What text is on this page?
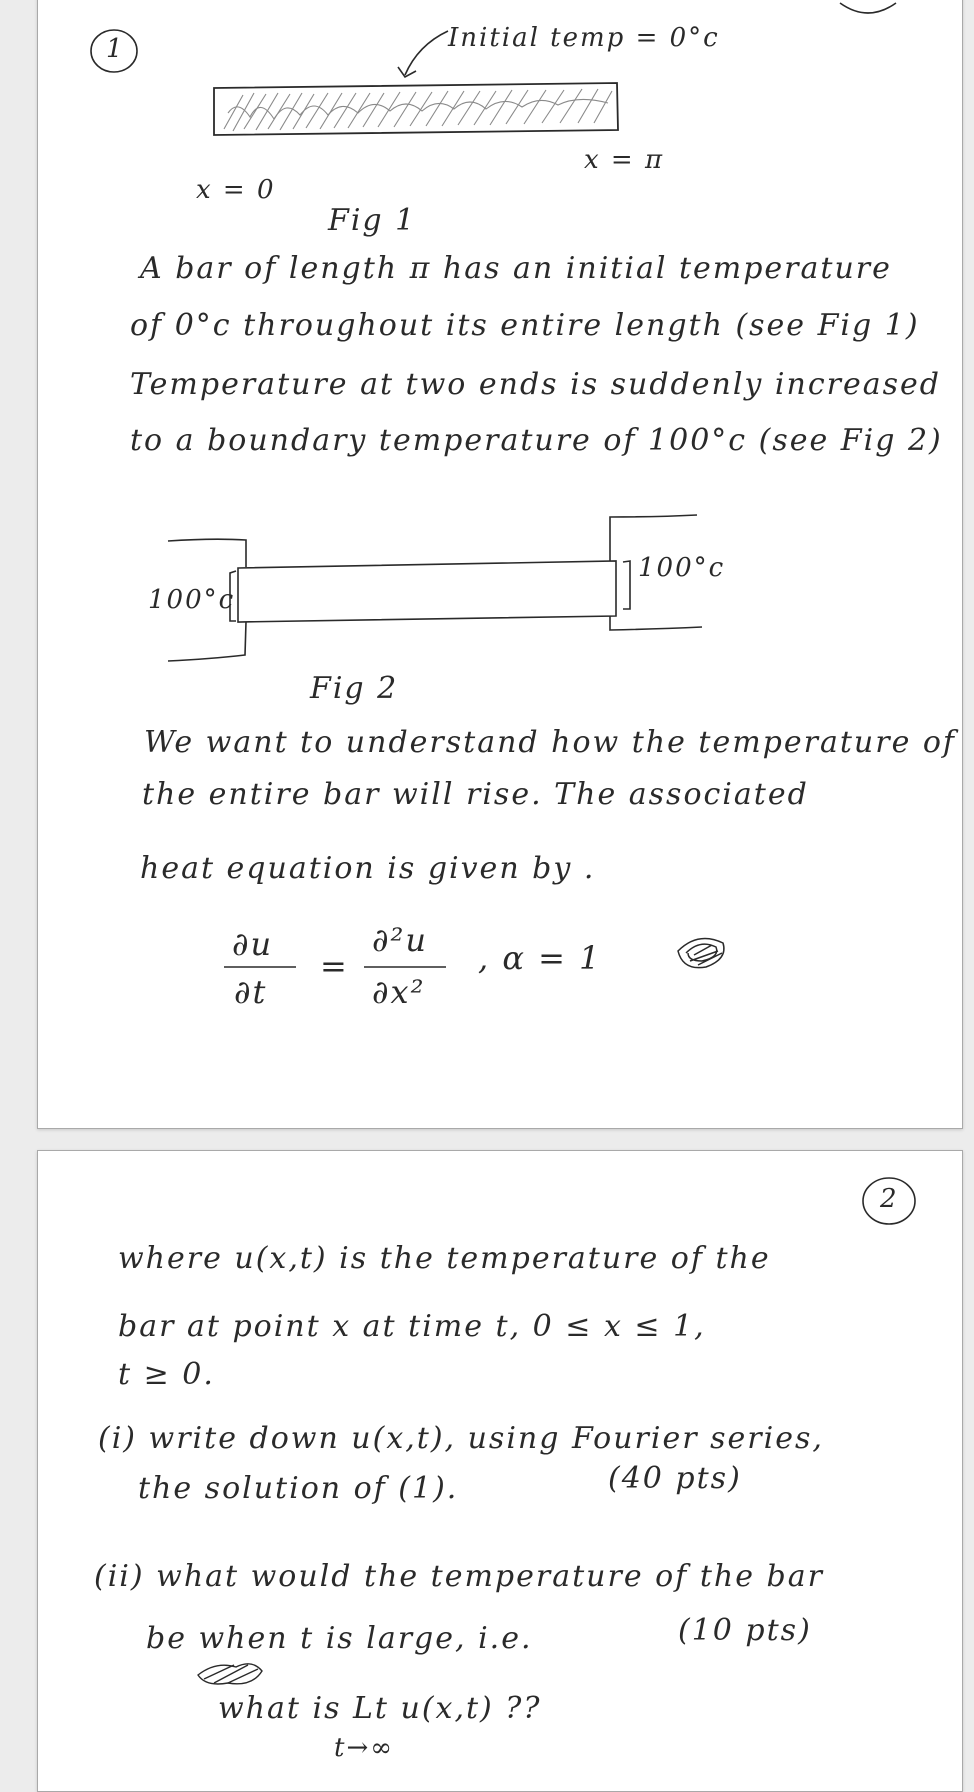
1	Initial temp = 0°c
x = 0
x = π
Fig 1
A bar of length π has an initial temperature
of 0°c throughout its entire length (see Fig 1)
Temperature at two ends is suddenly increased
to a boundary temperature of 100°c (see Fig 2)
100°c
100°c
Fig 2
We want to understand how the temperature of
the entire bar will rise. The associated
heat equation is given by .
∂u
∂t
=
∂²u
∂x²
, α = 1
2
where u(x,t) is the temperature of the
bar at point x at time t, 0 ≤ x ≤ 1,
t ≥ 0.
(i) write down u(x,t), using Fourier series,
the solution of (1).	(40 pts)
(ii) what would the temperature of the bar
be when t is large, i.e.	(10 pts)
what is Lt u(x,t) ??
t→∞
